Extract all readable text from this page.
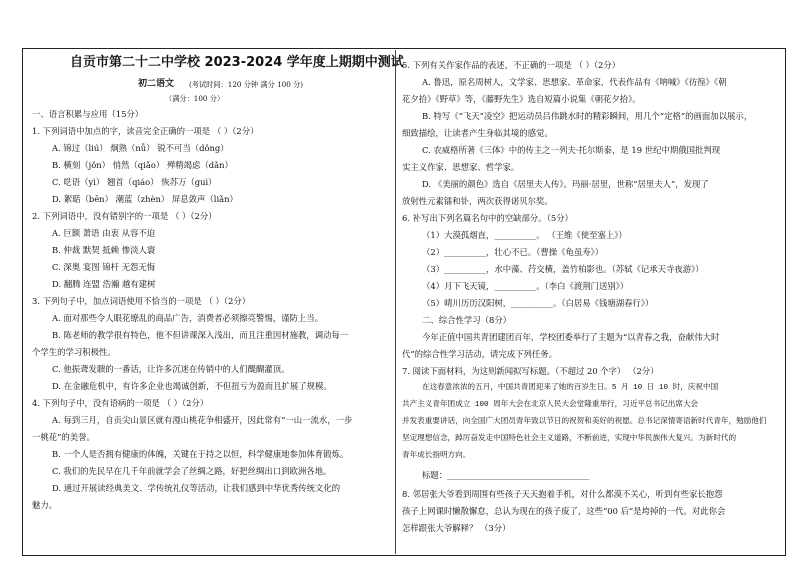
自贡市第二十二中学校 2023-2024 学年度上期期中测试
初二语文 (考试时间：120 分钟 满分 100 分)
（满分：100 分）
一、语言积累与应用（15分）
1. 下列词语中加点的字，读音完全正确的一项是 （ ）（2分）
A. 锦过（liú） 炯熟（nǚ） 锐不可当（dǒng）
B. 横刻（jǒn） 悄然（qiǎo） 殚精竭虑（dǎn）
C. 呓语（yì） 翘首（qiáo） 恢苏万（guì）
D. 絮聒（bēn） 潮蓝（zhèn） 屏息敛声（liǎn）
2. 下列词语中，没有错别字的一项是 （ ）（2分）
A. 巨额 萧语 由衷 从容不迫
B. 仲裁 默契 抵赖 惨淡人寰
C. 深奥 宴图 锦杆 无怨无悔
D. 翻腾 连盟 浩瀚 越有建树
3. 下列句子中，加点词语使用不恰当的一项是 （ ）（2分）
A. 面对那些令人眼花缭乱的商品广告，消费者必须擦亮警惕，谨防上当。
B. 陈老师的教学很有特色，他不但讲课深入浅出，而且注重因材施教，调动每一
个学生的学习积极性。
C. 他振聋发聩的一番话，让许多沉迷在传销中的人们醍醐灌顶。
D. 在金融危机中，有许多企业也竭诚创新，不但扭亏为盈而且扩展了规模。
4. 下列句子中，没有语病的一项是 （ ）（2分）
A. 每到三月，自贡尖山景区就有漫山桃花争相盛开，因此常有“一山一流水，一步
一桃花”的美誉。
B. 一个人是否拥有健康的体魄，关键在于持之以恒，科学健康地参加体育锻炼。
C. 我们的先民早在几千年前就学会了丝绸之路，好把丝绸出口到欧洲各地。
D. 通过开展读经典美文、学传统礼仪等活动，让我们感到中华优秀传统文化的
魅力。
5. 下列有关作家作品的表述，不正确的一项是 （ ）（2分）
A. 鲁迅，原名周树人，文学家、思想家、革命家，代表作品有《呐喊》《彷徨》《朝
花夕拾》《野草》等，《藤野先生》选自短篇小说集《朝花夕拾》。
B. 特写《“飞天”凌空》把运动员吕伟跳水时的精彩瞬间，用几个“定格”的画面加以展示，
细致描绘，让读者产生身临其境的感觉。
C. 农威格所著《三体》中的传主之一列夫·托尔斯泰，是 19 世纪中期俄国批判现
实主义作家、思想家、哲学家。
D. 《美丽的颜色》选自《居里夫人传》。玛丽·居里，世称“居里夫人”，发现了
放射性元素镭和钋，两次获得诺贝尔奖。
6. 补写出下列名篇名句中的空缺部分。（5分）
（1）大漠孤烟直，__________。 （王维《使至塞上》）
（2）__________，壮心不已。（曹操《龟虽寿》）
（3）__________，水中藻、荇交横，盖竹柏影也。（苏轼《记承天寺夜游》）
（4）月下飞天镜，__________。（李白《渡荆门送别》）
（5）晴川历历汉阳树，__________。（白居易《钱塘湖春行》）
二、综合性学习（8分）
今年正值中国共青团建团百年，学校团委举行了主题为“以青春之我，奋献伟大时
代”的综合性学习活动，请完成下列任务。
7. 阅读下面材料，为这则新闻拟写标题。（不超过 20 个字） （2分）
在这春意浓浓的五月，中国共青团迎来了她的百岁生日。5 月 10 日 10 时，庆祝中国
共产主义青年团成立 100 周年大会在北京人民大会堂隆重举行，习近平总书记出席大会
并发表重要讲话，向全国广大团员青年致以节日的祝贺和美好的祝愿。总书记深情寄语新时代青年，勉励他们
坚定理想信念，踔厉奋发走中国特色社会主义道路，不断前进，实现中华民族伟大复兴。为新时代的
青年成长指明方向。
标题：__________________________________
8. 邻居张大爷看到周围有些孩子天天抱着手机，对什么都漠不关心，听到有些家长抱怨
孩子上网课时懒散懈怠，总认为现在的孩子废了，这些“00 后”是垮掉的一代。对此你会
怎样跟张大爷解释？ （3分）
